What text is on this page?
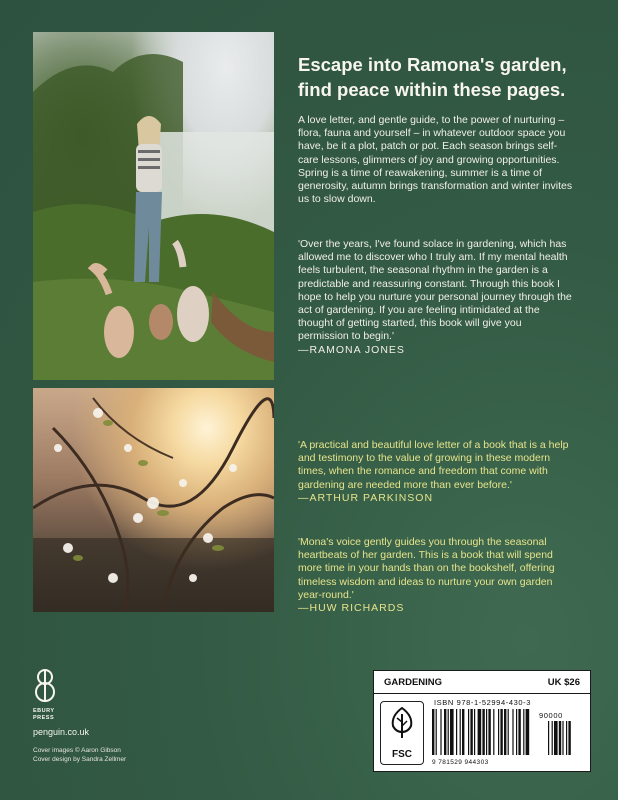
Escape into Ramona's garden, find peace within these pages.
A love letter, and gentle guide, to the power of nurturing – flora, fauna and yourself – in whatever outdoor space you have, be it a plot, patch or pot. Each season brings self-care lessons, glimmers of joy and growing opportunities. Spring is a time of reawakening, summer is a time of generosity, autumn brings transformation and winter invites us to slow down.
'Over the years, I've found solace in gardening, which has allowed me to discover who I truly am. If my mental health feels turbulent, the seasonal rhythm in the garden is a predictable and reassuring constant. Through this book I hope to help you nurture your personal journey through the act of gardening. If you are feeling intimidated at the thought of getting started, this book will give you permission to begin.'
—RAMONA JONES
'A practical and beautiful love letter of a book that is a help and testimony to the value of growing in these modern times, when the romance and freedom that come with gardening are needed more than ever before.'
—ARTHUR PARKINSON
'Mona's voice gently guides you through the seasonal heartbeats of her garden. This is a book that will spend more time in your hands than on the bookshelf, offering timeless wisdom and ideas to nurture your own garden year-round.'
—HUW RICHARDS
EBURY PRESS
penguin.co.uk
Cover images © Aaron Gibson
Cover design by Sandra Zellmer
GARDENING	UK $26
FSC
ISBN 978-1-52994-430-3
90000
9 781529 944303
